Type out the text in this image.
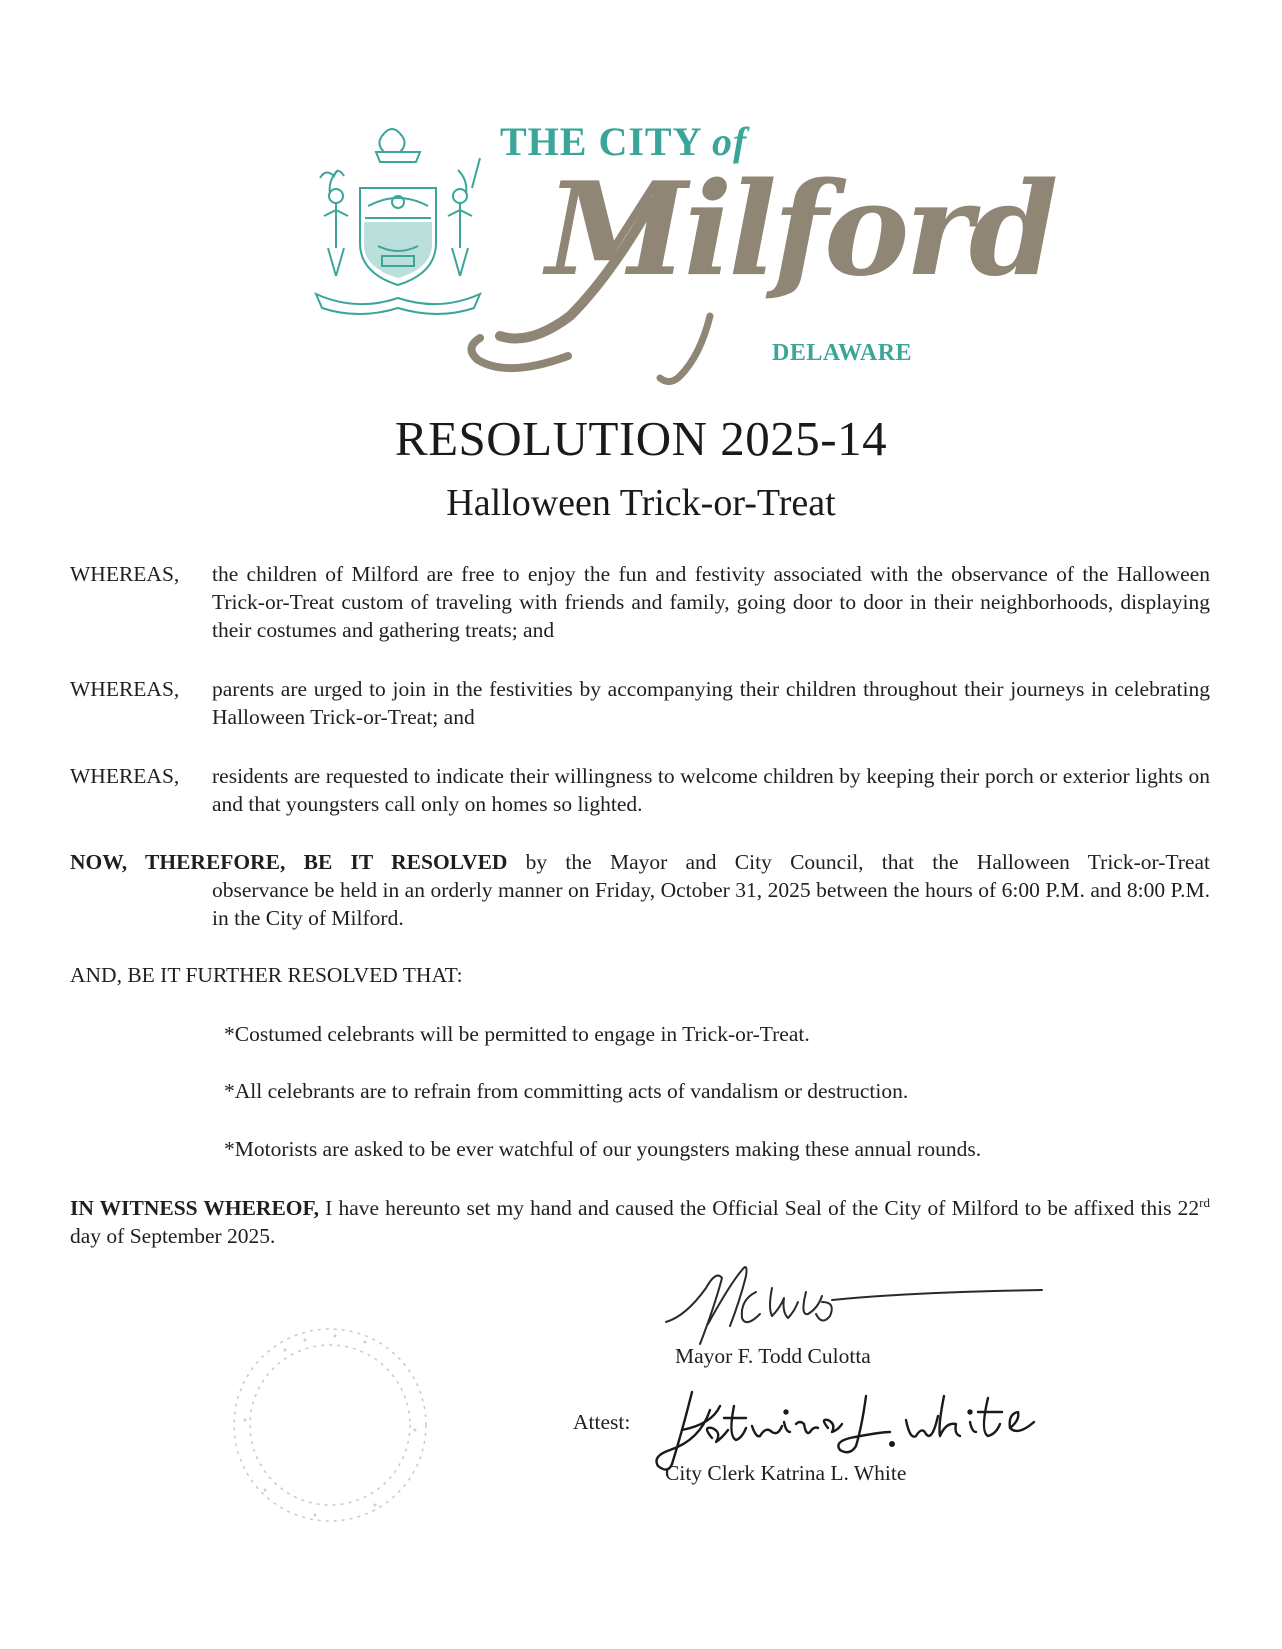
THE CITY of
Milford
DELAWARE
RESOLUTION 2025-14
Halloween Trick-or-Treat
WHEREAS, the children of Milford are free to enjoy the fun and festivity associated with the observance of the Halloween Trick-or-Treat custom of traveling with friends and family, going door to door in their neighborhoods, displaying their costumes and gathering treats; and
WHEREAS, parents are urged to join in the festivities by accompanying their children throughout their journeys in celebrating Halloween Trick-or-Treat; and
WHEREAS, residents are requested to indicate their willingness to welcome children by keeping their porch or exterior lights on and that youngsters call only on homes so lighted.
NOW, THEREFORE, BE IT RESOLVED by the Mayor and City Council, that the Halloween Trick-or-Treat
observance be held in an orderly manner on Friday, October 31, 2025 between the hours of 6:00 P.M. and 8:00 P.M. in the City of Milford.
AND, BE IT FURTHER RESOLVED THAT:
*Costumed celebrants will be permitted to engage in Trick-or-Treat.
*All celebrants are to refrain from committing acts of vandalism or destruction.
*Motorists are asked to be ever watchful of our youngsters making these annual rounds.
IN WITNESS WHEREOF, I have hereunto set my hand and caused the Official Seal of the City of Milford to be affixed this 22rd day of September 2025.
Mayor F. Todd Culotta
Attest:
City Clerk Katrina L. White
